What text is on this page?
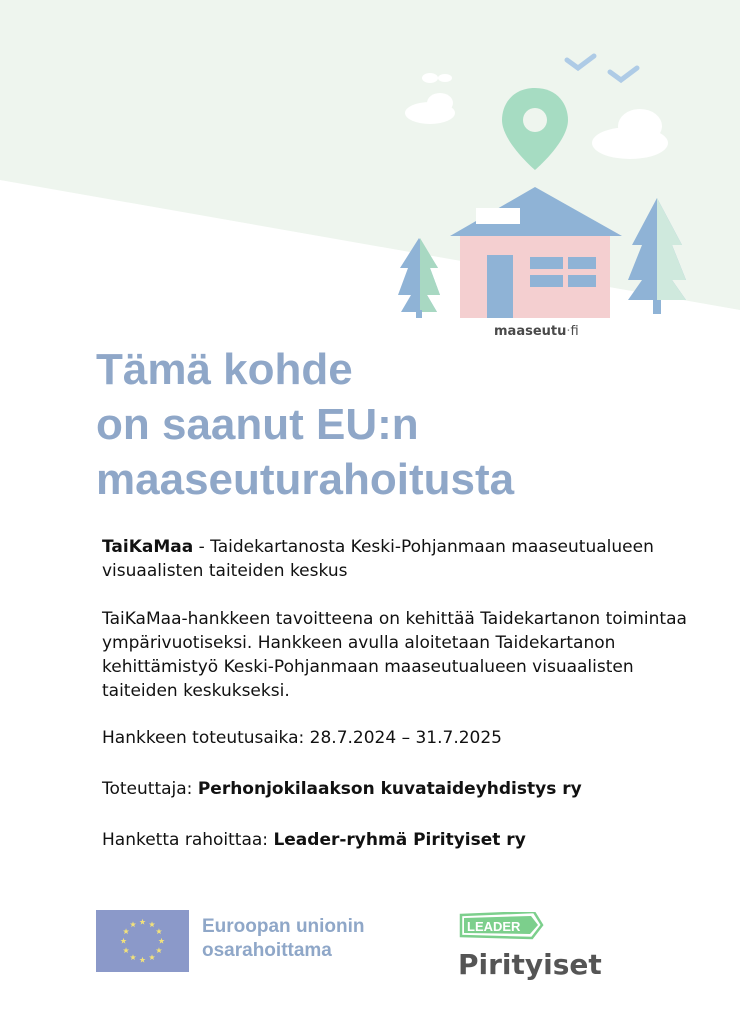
maaseutu·fi
Tämä kohde
on saanut EU:n
maaseuturahoitusta

TaiKaMaa - Taidekartanosta Keski-Pohjanmaan maaseutualueen visuaalisten taiteiden keskus

TaiKaMaa-hankkeen tavoitteena on kehittää Taidekartanon toimintaa ympärivuotiseksi. Hankkeen avulla aloitetaan Taidekartanon kehittämistyö Keski-Pohjanmaan maaseutualueen visuaalisten taiteiden keskukseksi.

Hankkeen toteutusaika: 28.7.2024 – 31.7.2025

Toteuttaja: Perhonjokilaakson kuvataideyhdistys ry

Hanketta rahoittaa: Leader-ryhmä Pirityiset ry

Euroopan unionin
osarahoittama
LEADER
Pirityiset
